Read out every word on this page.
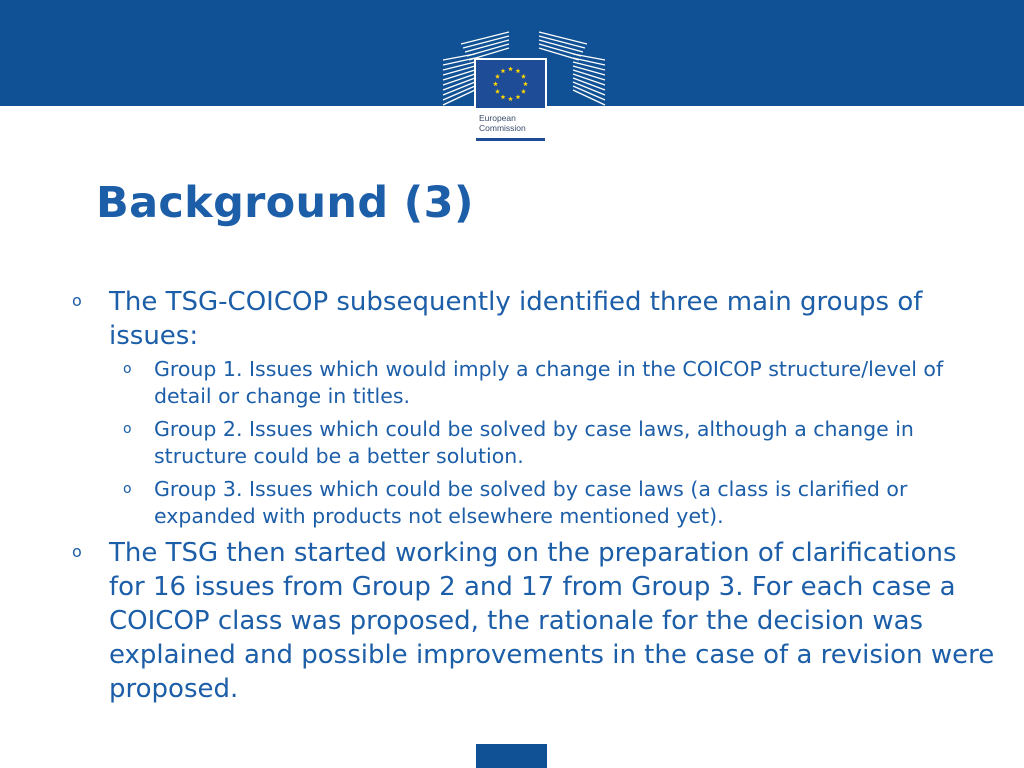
European
Commission
Background (3)
o The TSG-COICOP subsequently identified three main groups of issues:
o Group 1. Issues which would imply a change in the COICOP structure/level of detail or change in titles.
o Group 2. Issues which could be solved by case laws, although a change in structure could be a better solution.
o Group 3. Issues which could be solved by case laws (a class is clarified or expanded with products not elsewhere mentioned yet).
o The TSG then started working on the preparation of clarifications for 16 issues from Group 2 and 17 from Group 3. For each case a COICOP class was proposed, the rationale for the decision was explained and possible improvements in the case of a revision were proposed.
